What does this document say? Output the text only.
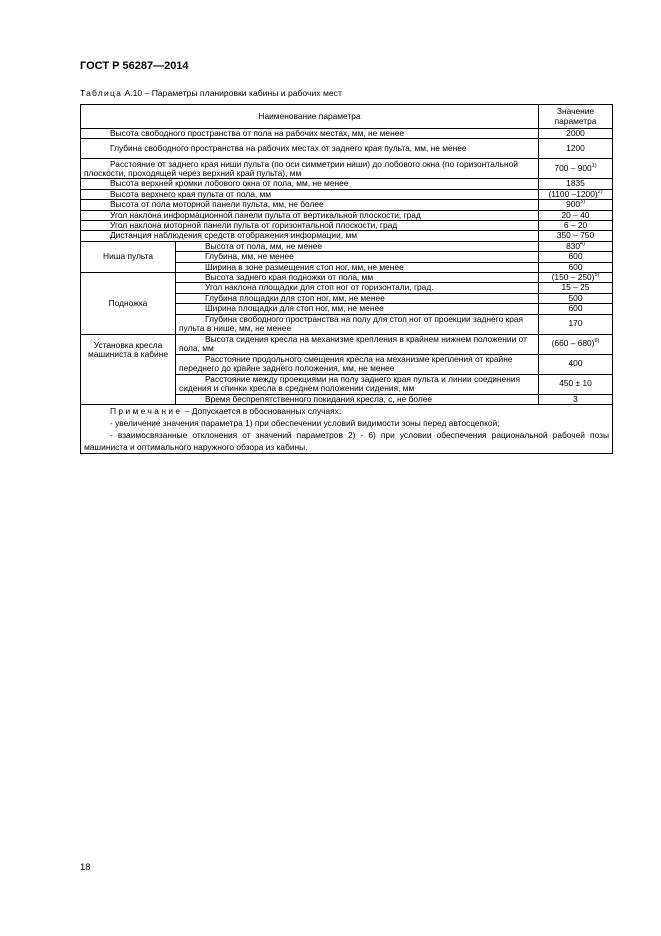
ГОСТ Р 56287—2014
Таблица А.10 – Параметры планировки кабины и рабочих мест
Наименование параметра		Значение параметра
Высота свободного пространства от пола на рабочих местах, мм, не менее		2000
Глубина свободного пространства на рабочих местах от заднего края пульта, мм, не менее		1200
Расстояние от заднего края ниши пульта (по оси симметрии ниши) до лобового окна (по горизонтальной плоскости, проходящей через верхний край пульта), мм		700 – 900$^{1)}$
Высота верхней кромки лобового окна от пола, мм, не менее		1835
Высота верхнего края пульта от пола, мм		(1100 –1200)$^{2)}$
Высота от пола моторной панели пульта, мм, не более		900$^{3)}$
Угол наклона информационной панели пульта от вертикальной плоскости, град		20 – 40
Угол наклона моторной панели пульта от горизонтальной плоскости, град		6 – 20
Дистанция наблюдения средств отображения информации, мм		350 – 750
Ниша пульта	Высота от пола, мм, не менее	830$^{4)}$
	Глубина, мм, не менее	600
	Ширина в зоне размещения стоп ног, мм, не менее	600
Подножка	Высота заднего края подножки от пола, мм	(150 – 250)$^{5)}$
	Угол наклона площадки для стоп ног от горизонтали, град.	15 – 25
	Глубина площадки для стоп ног, мм, не менее	500
	Ширина площадки для стоп ног, мм, не менее	600
	Глубина свободного пространства на полу для стоп ног от проекции заднего края пульта в нише, мм, не менее	170
Установка кресла машиниста в кабине	Высота сидения кресла на механизме крепления в крайнем нижнем положении от пола, мм	(660 – 680)$^{6)}$
	Расстояние продольного смещения кресла на механизме крепления от крайне переднего до крайне заднего положения, мм, не менее	400
	Расстояние между проекциями на полу заднего края пульта и линии соединения сидения и спинки кресла в среднем положении сидения, мм	450 ± 10
	Время беспрепятственного покидания кресла, с, не более	3

Примечание – Допускается в обоснованных случаях:
- увеличение значения параметра 1) при обеспечении условий видимости зоны перед автосцепкой;
- взаимосвязанные отклонения от значений параметров 2) - 6) при условии обеспечения рациональной рабочей позы машиниста и оптимального наружного обзора из кабины.		
18
